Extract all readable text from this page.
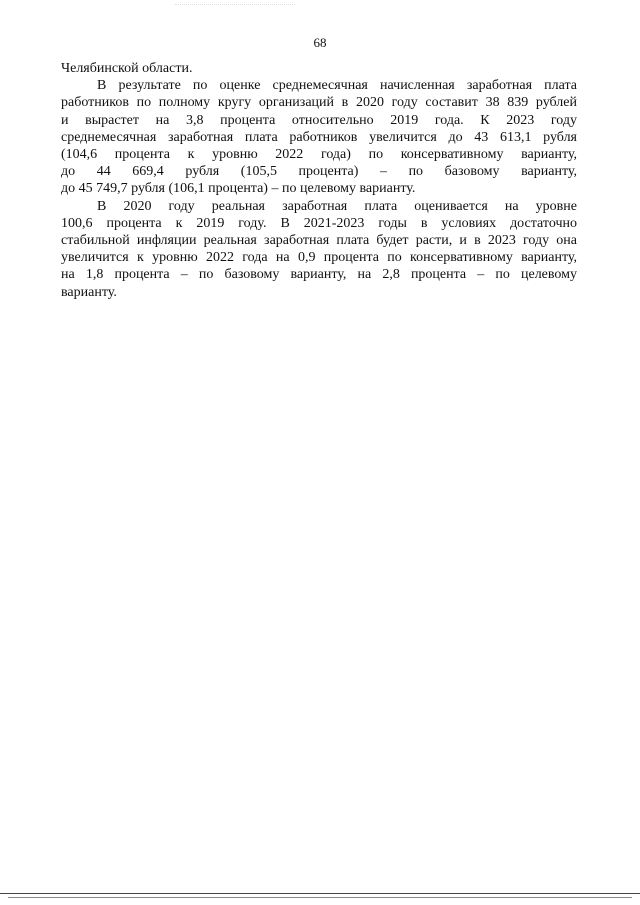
68

Челябинской области.

В результате по оценке среднемесячная начисленная заработная плата
работников по полному кругу организаций в 2020 году составит 38 839 рублей
и вырастет на 3,8 процента относительно 2019 года. К 2023 году
среднемесячная заработная плата работников увеличится до 43 613,1 рубля
(104,6 процента к уровню 2022 года) по консервативному варианту,
до 44 669,4 рубля (105,5 процента) – по базовому варианту,
до 45 749,7 рубля (106,1 процента) – по целевому варианту.

В 2020 году реальная заработная плата оценивается на уровне
100,6 процента к 2019 году. В 2021-2023 годы в условиях достаточно
стабильной инфляции реальная заработная плата будет расти, и в 2023 году она
увеличится к уровню 2022 года на 0,9 процента по консервативному варианту,
на 1,8 процента – по базовому варианту, на 2,8 процента – по целевому
варианту.
